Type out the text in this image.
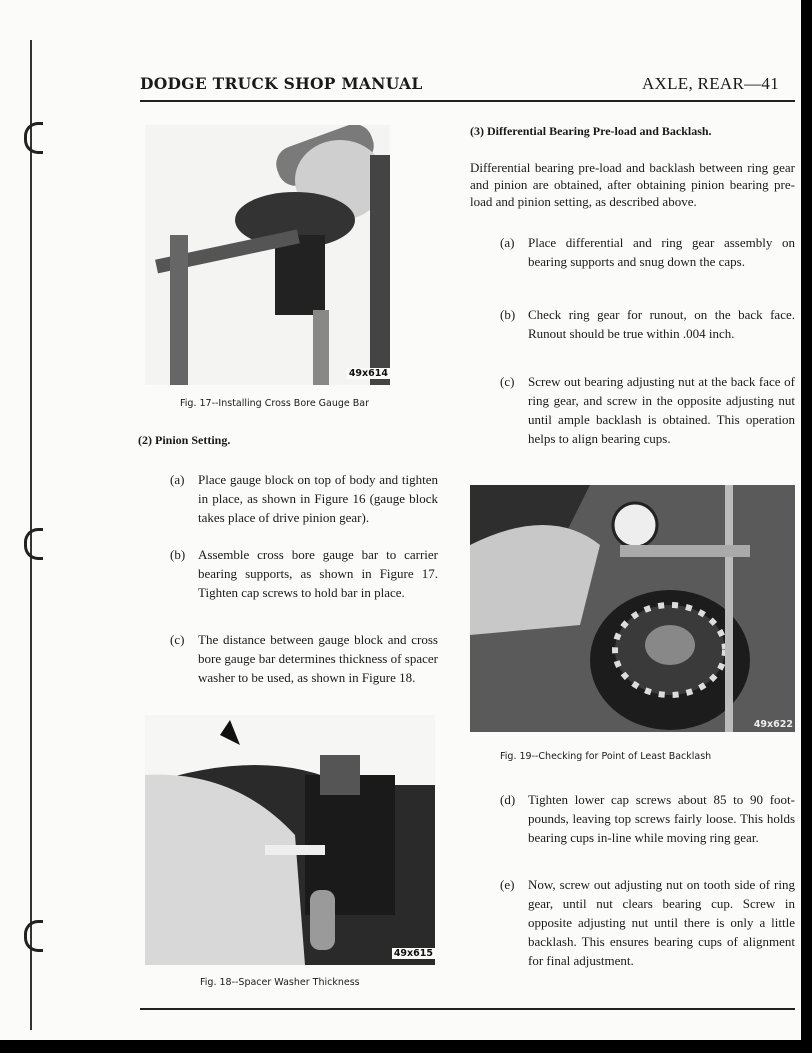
DODGE TRUCK SHOP MANUAL	AXLE, REAR—41
49x614
Fig. 17--Installing Cross Bore Gauge Bar
(2) Pinion Setting.
(a) Place gauge block on top of body and tighten in place, as shown in Figure 16 (gauge block takes place of drive pinion gear).
(b) Assemble cross bore gauge bar to carrier bearing supports, as shown in Figure 17. Tighten cap screws to hold bar in place.
(c) The distance between gauge block and cross bore gauge bar determines thickness of spacer washer to be used, as shown in Figure 18.
49x615
Fig. 18--Spacer Washer Thickness
(3) Differential Bearing Pre-load and Backlash.
Differential bearing pre-load and backlash between ring gear and pinion are obtained, after obtaining pinion bearing pre-load and pinion setting, as described above.
(a) Place differential and ring gear assembly on bearing supports and snug down the caps.
(b) Check ring gear for runout, on the back face. Runout should be true within .004 inch.
(c) Screw out bearing adjusting nut at the back face of ring gear, and screw in the opposite adjusting nut until ample backlash is obtained. This operation helps to align bearing cups.
49x622
Fig. 19--Checking for Point of Least Backlash
(d) Tighten lower cap screws about 85 to 90 foot-pounds, leaving top screws fairly loose. This holds bearing cups in-line while moving ring gear.
(e) Now, screw out adjusting nut on tooth side of ring gear, until nut clears bearing cup. Screw in opposite adjusting nut until there is only a little backlash. This ensures bearing cups of alignment for final adjustment.
